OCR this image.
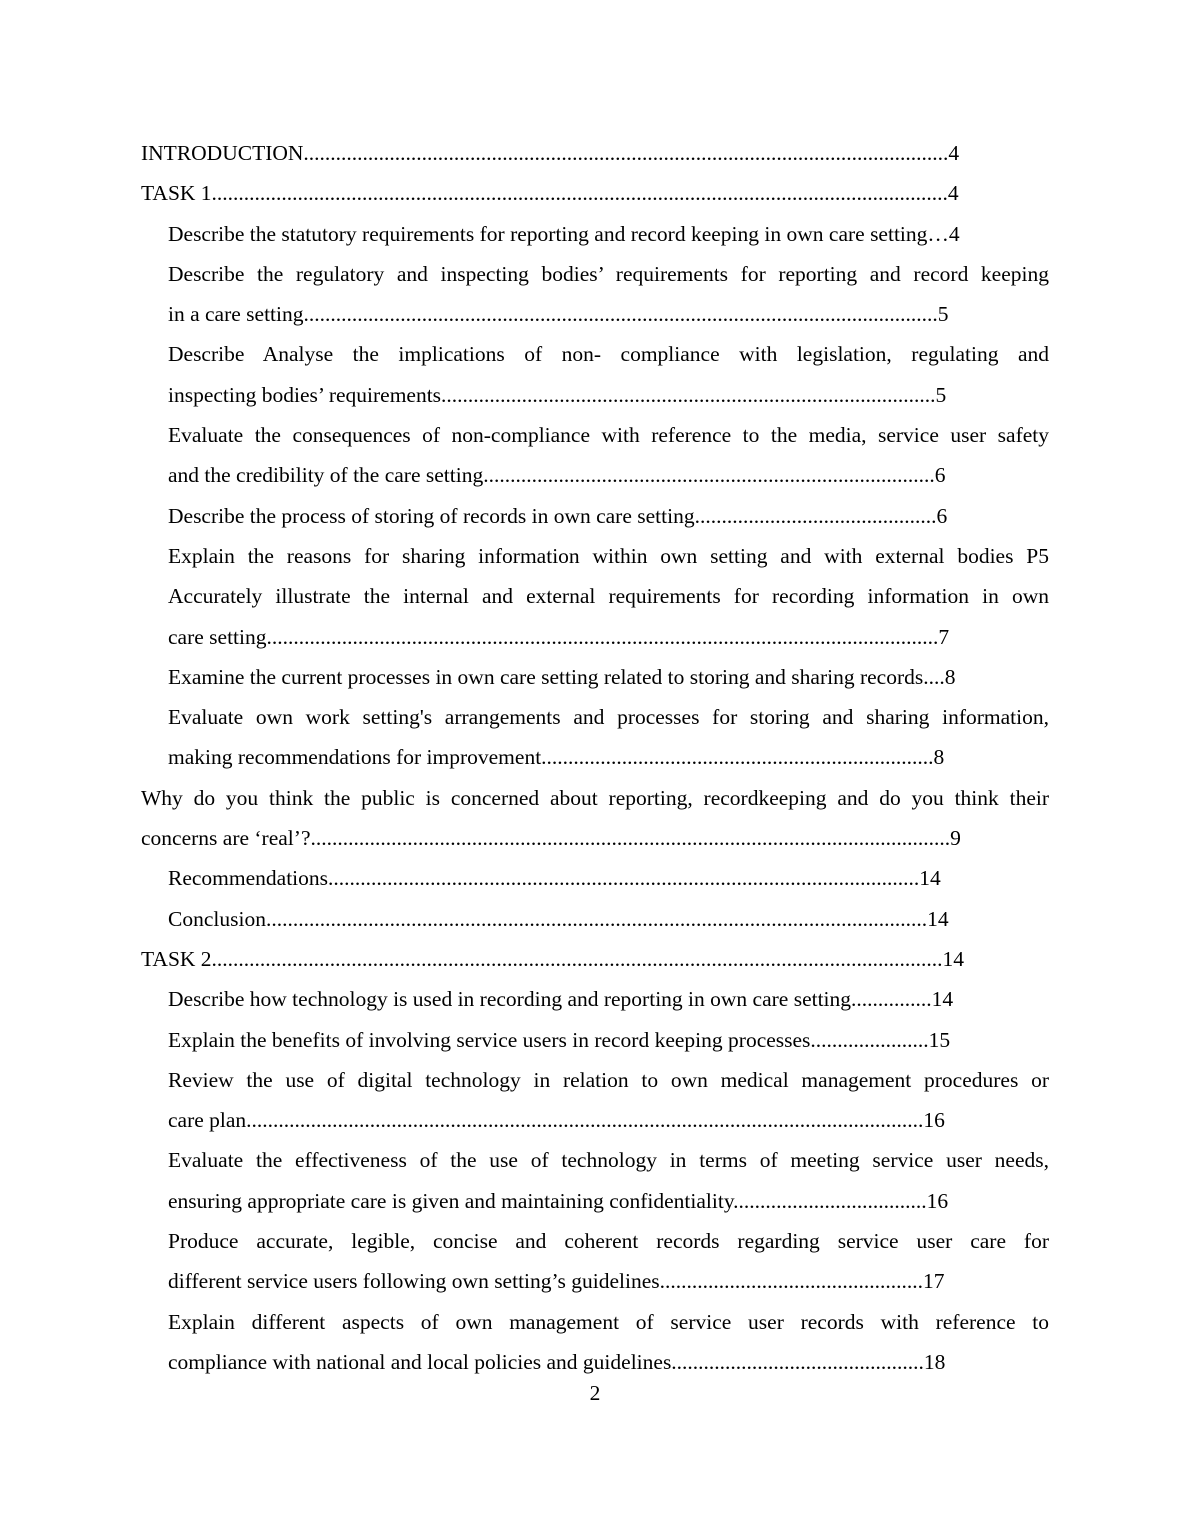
INTRODUCTION........................................................................................................................4
TASK 1.........................................................................................................................................4
Describe the statutory requirements for reporting and record keeping in own care setting…4
Describe the regulatory and inspecting bodies’ requirements for reporting and record keeping
in a care setting......................................................................................................................5
Describe Analyse the implications of non- compliance with legislation, regulating and
inspecting bodies’ requirements............................................................................................5
Evaluate the consequences of non-compliance with reference to the media, service user safety
and the credibility of the care setting....................................................................................6
Describe the process of storing of records in own care setting.............................................6
Explain the reasons for sharing information within own setting and with external bodies P5
Accurately illustrate the internal and external requirements for recording information in own
care setting.............................................................................................................................7
Examine the current processes in own care setting related to storing and sharing records....8
Evaluate own work setting's arrangements and processes for storing and sharing information,
making recommendations for improvement.........................................................................8
Why do you think the public is concerned about reporting, recordkeeping and do you think their
concerns are ‘real’?.......................................................................................................................9
Recommendations..............................................................................................................14
Conclusion...........................................................................................................................14
TASK 2........................................................................................................................................14
Describe how technology is used in recording and reporting in own care setting...............14
Explain the benefits of involving service users in record keeping processes......................15
Review the use of digital technology in relation to own medical management procedures or
care plan..............................................................................................................................16
Evaluate the effectiveness of the use of technology in terms of meeting service user needs,
ensuring appropriate care is given and maintaining confidentiality....................................16
Produce accurate, legible, concise and coherent records regarding service user care for
different service users following own setting’s guidelines.................................................17
Explain different aspects of own management of service user records with reference to
compliance with national and local policies and guidelines...............................................18
2
